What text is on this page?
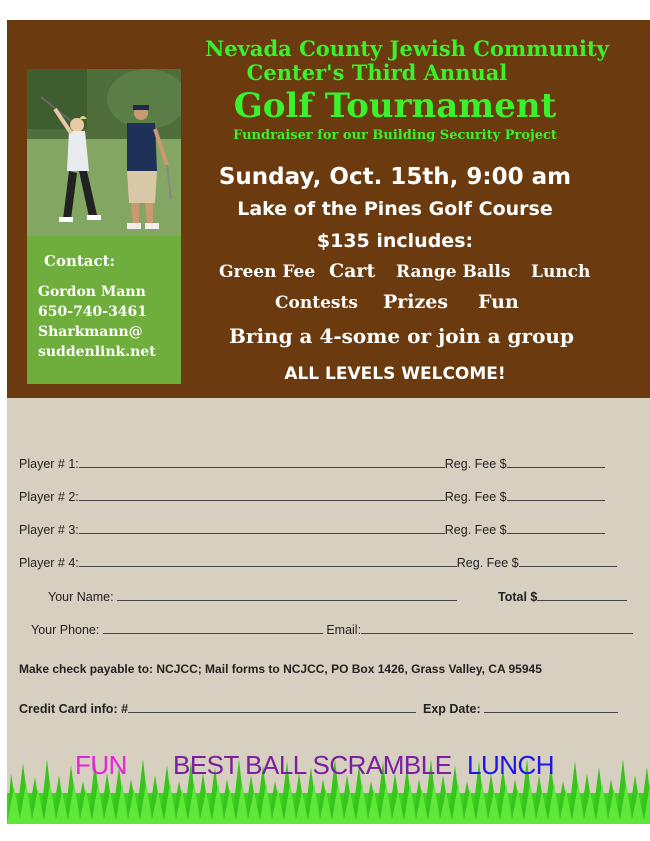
Contact:
Gordon Mann
650-740-3461
Sharkmann@
suddenlink.net
Nevada County Jewish Community
Center's Third Annual
Golf Tournament
Fundraiser for our Building Security Project
Sunday, Oct. 15th, 9:00 am
Lake of the Pines Golf Course
$135 includes:
Green Fee Cart Range Balls Lunch
Contests Prizes Fun
Bring a 4-some or join a group
ALL LEVELS WELCOME!
Player # 1:	Reg. Fee $
Player # 2:	Reg. Fee $
Player # 3:	Reg. Fee $
Player # 4:	Reg. Fee $
Your Name:	Total $
Your Phone:	Email:
Make check payable to: NCJCC; Mail forms to NCJCC, PO Box 1426, Grass Valley, CA 95945
Credit Card info: #	Exp Date:
FUN BEST BALL SCRAMBLE LUNCH
